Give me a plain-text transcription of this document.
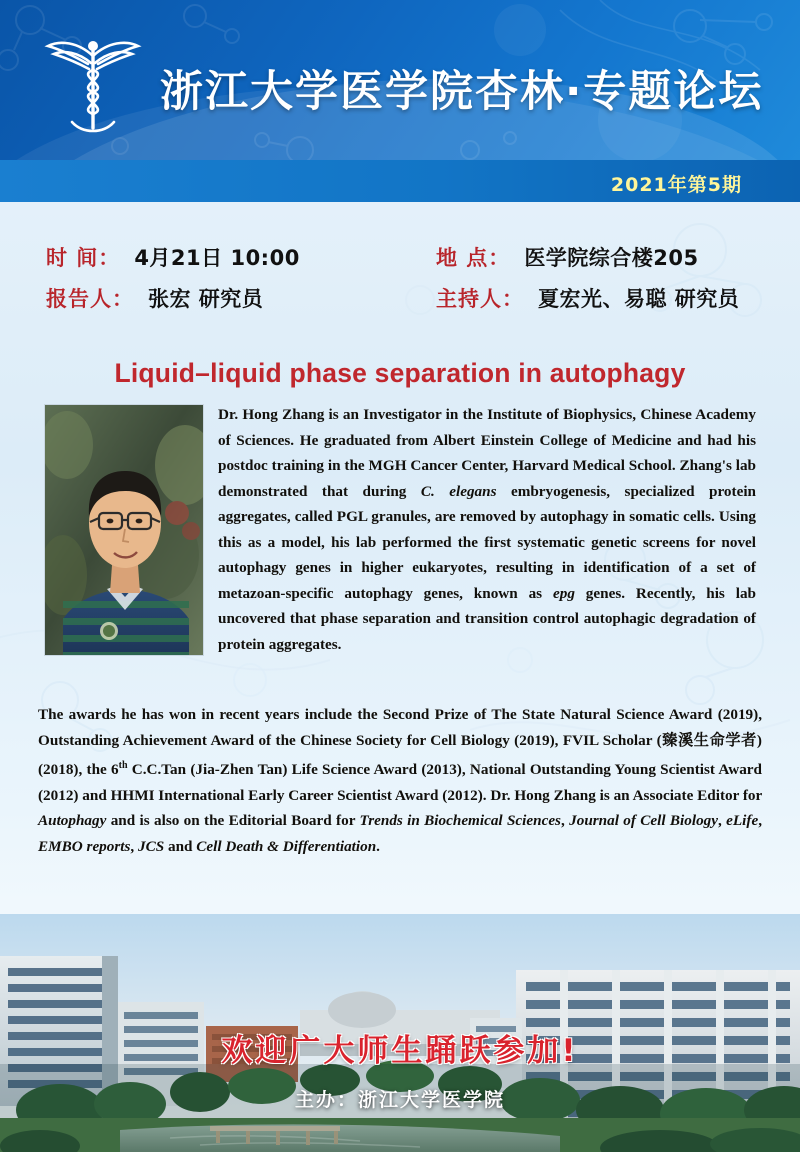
浙江大学医学院杏林·专题论坛
2021年第5期
时 间： 4月21日 10:00	地 点： 医学院综合楼205
报告人： 张宏 研究员	主持人： 夏宏光、易聪 研究员
Liquid–liquid phase separation in autophagy
Dr. Hong Zhang is an Investigator in the Institute of Biophysics, Chinese Academy of Sciences. He graduated from Albert Einstein College of Medicine and had his postdoc training in the MGH Cancer Center, Harvard Medical School. Zhang's lab demonstrated that during C. elegans embryogenesis, specialized protein aggregates, called PGL granules, are removed by autophagy in somatic cells. Using this as a model, his lab performed the first systematic genetic screens for novel autophagy genes in higher eukaryotes, resulting in identification of a set of metazoan-specific autophagy genes, known as epg genes. Recently, his lab uncovered that phase separation and transition control autophagic degradation of protein aggregates.
The awards he has won in recent years include the Second Prize of The State Natural Science Award (2019), Outstanding Achievement Award of the Chinese Society for Cell Biology (2019), FVIL Scholar (臻溪生命学者) (2018), the 6th C.C.Tan (Jia-Zhen Tan) Life Science Award (2013), National Outstanding Young Scientist Award (2012) and HHMI International Early Career Scientist Award (2012). Dr. Hong Zhang is an Associate Editor for Autophagy and is also on the Editorial Board for Trends in Biochemical Sciences, Journal of Cell Biology, eLife, EMBO reports, JCS and Cell Death & Differentiation.
欢迎广大师生踊跃参加!
主办：浙江大学医学院
